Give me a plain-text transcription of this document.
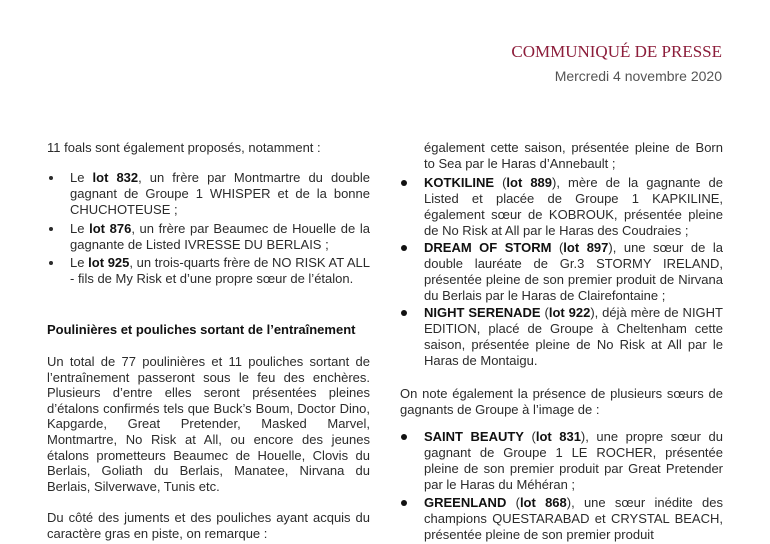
COMMUNIQUÉ DE PRESSE
Mercredi 4 novembre 2020
11 foals sont également proposés, notamment :
Le lot 832, un frère par Montmartre du double gagnant de Groupe 1 WHISPER et de la bonne CHUCHOTEUSE ;
Le lot 876, un frère par Beaumec de Houelle de la gagnante de Listed IVRESSE DU BERLAIS ;
Le lot 925, un trois-quarts frère de NO RISK AT ALL - fils de My Risk et d’une propre sœur de l’étalon.
Poulinières et pouliches sortant de l’entraînement
Un total de 77 poulinières et 11 pouliches sortant de l’entraînement passeront sous le feu des enchères. Plusieurs d’entre elles seront présentées pleines d’étalons confirmés tels que Buck’s Boum, Doctor Dino, Kapgarde, Great Pretender, Masked Marvel, Montmartre, No Risk at All, ou encore des jeunes étalons prometteurs Beaumec de Houelle, Clovis du Berlais, Goliath du Berlais, Manatee, Nirvana du Berlais, Silverwave, Tunis etc.
Du côté des juments et des pouliches ayant acquis du caractère gras en piste, on remarque :
également cette saison, présentée pleine de Born to Sea par le Haras d’Annebault ;
KOTKILINE (lot 889), mère de la gagnante de Listed et placée de Groupe 1 KAPKILINE, également sœur de KOBROUK, présentée pleine de No Risk at All par le Haras des Coudraies ;
DREAM OF STORM (lot 897), une sœur de la double lauréate de Gr.3 STORMY IRELAND, présentée pleine de son premier produit de Nirvana du Berlais par le Haras de Clairefontaine ;
NIGHT SERENADE (lot 922), déjà mère de NIGHT EDITION, placé de Groupe à Cheltenham cette saison, présentée pleine de No Risk at All par le Haras de Montaigu.
On note également la présence de plusieurs sœurs de gagnants de Groupe à l’image de :
SAINT BEAUTY (lot 831), une propre sœur du gagnant de Groupe 1 LE ROCHER, présentée pleine de son premier produit par Great Pretender par le Haras du Méhéran ;
GREENLAND (lot 868), une sœur inédite des champions QUESTARABAD et CRYSTAL BEACH, présentée pleine de son premier produit
